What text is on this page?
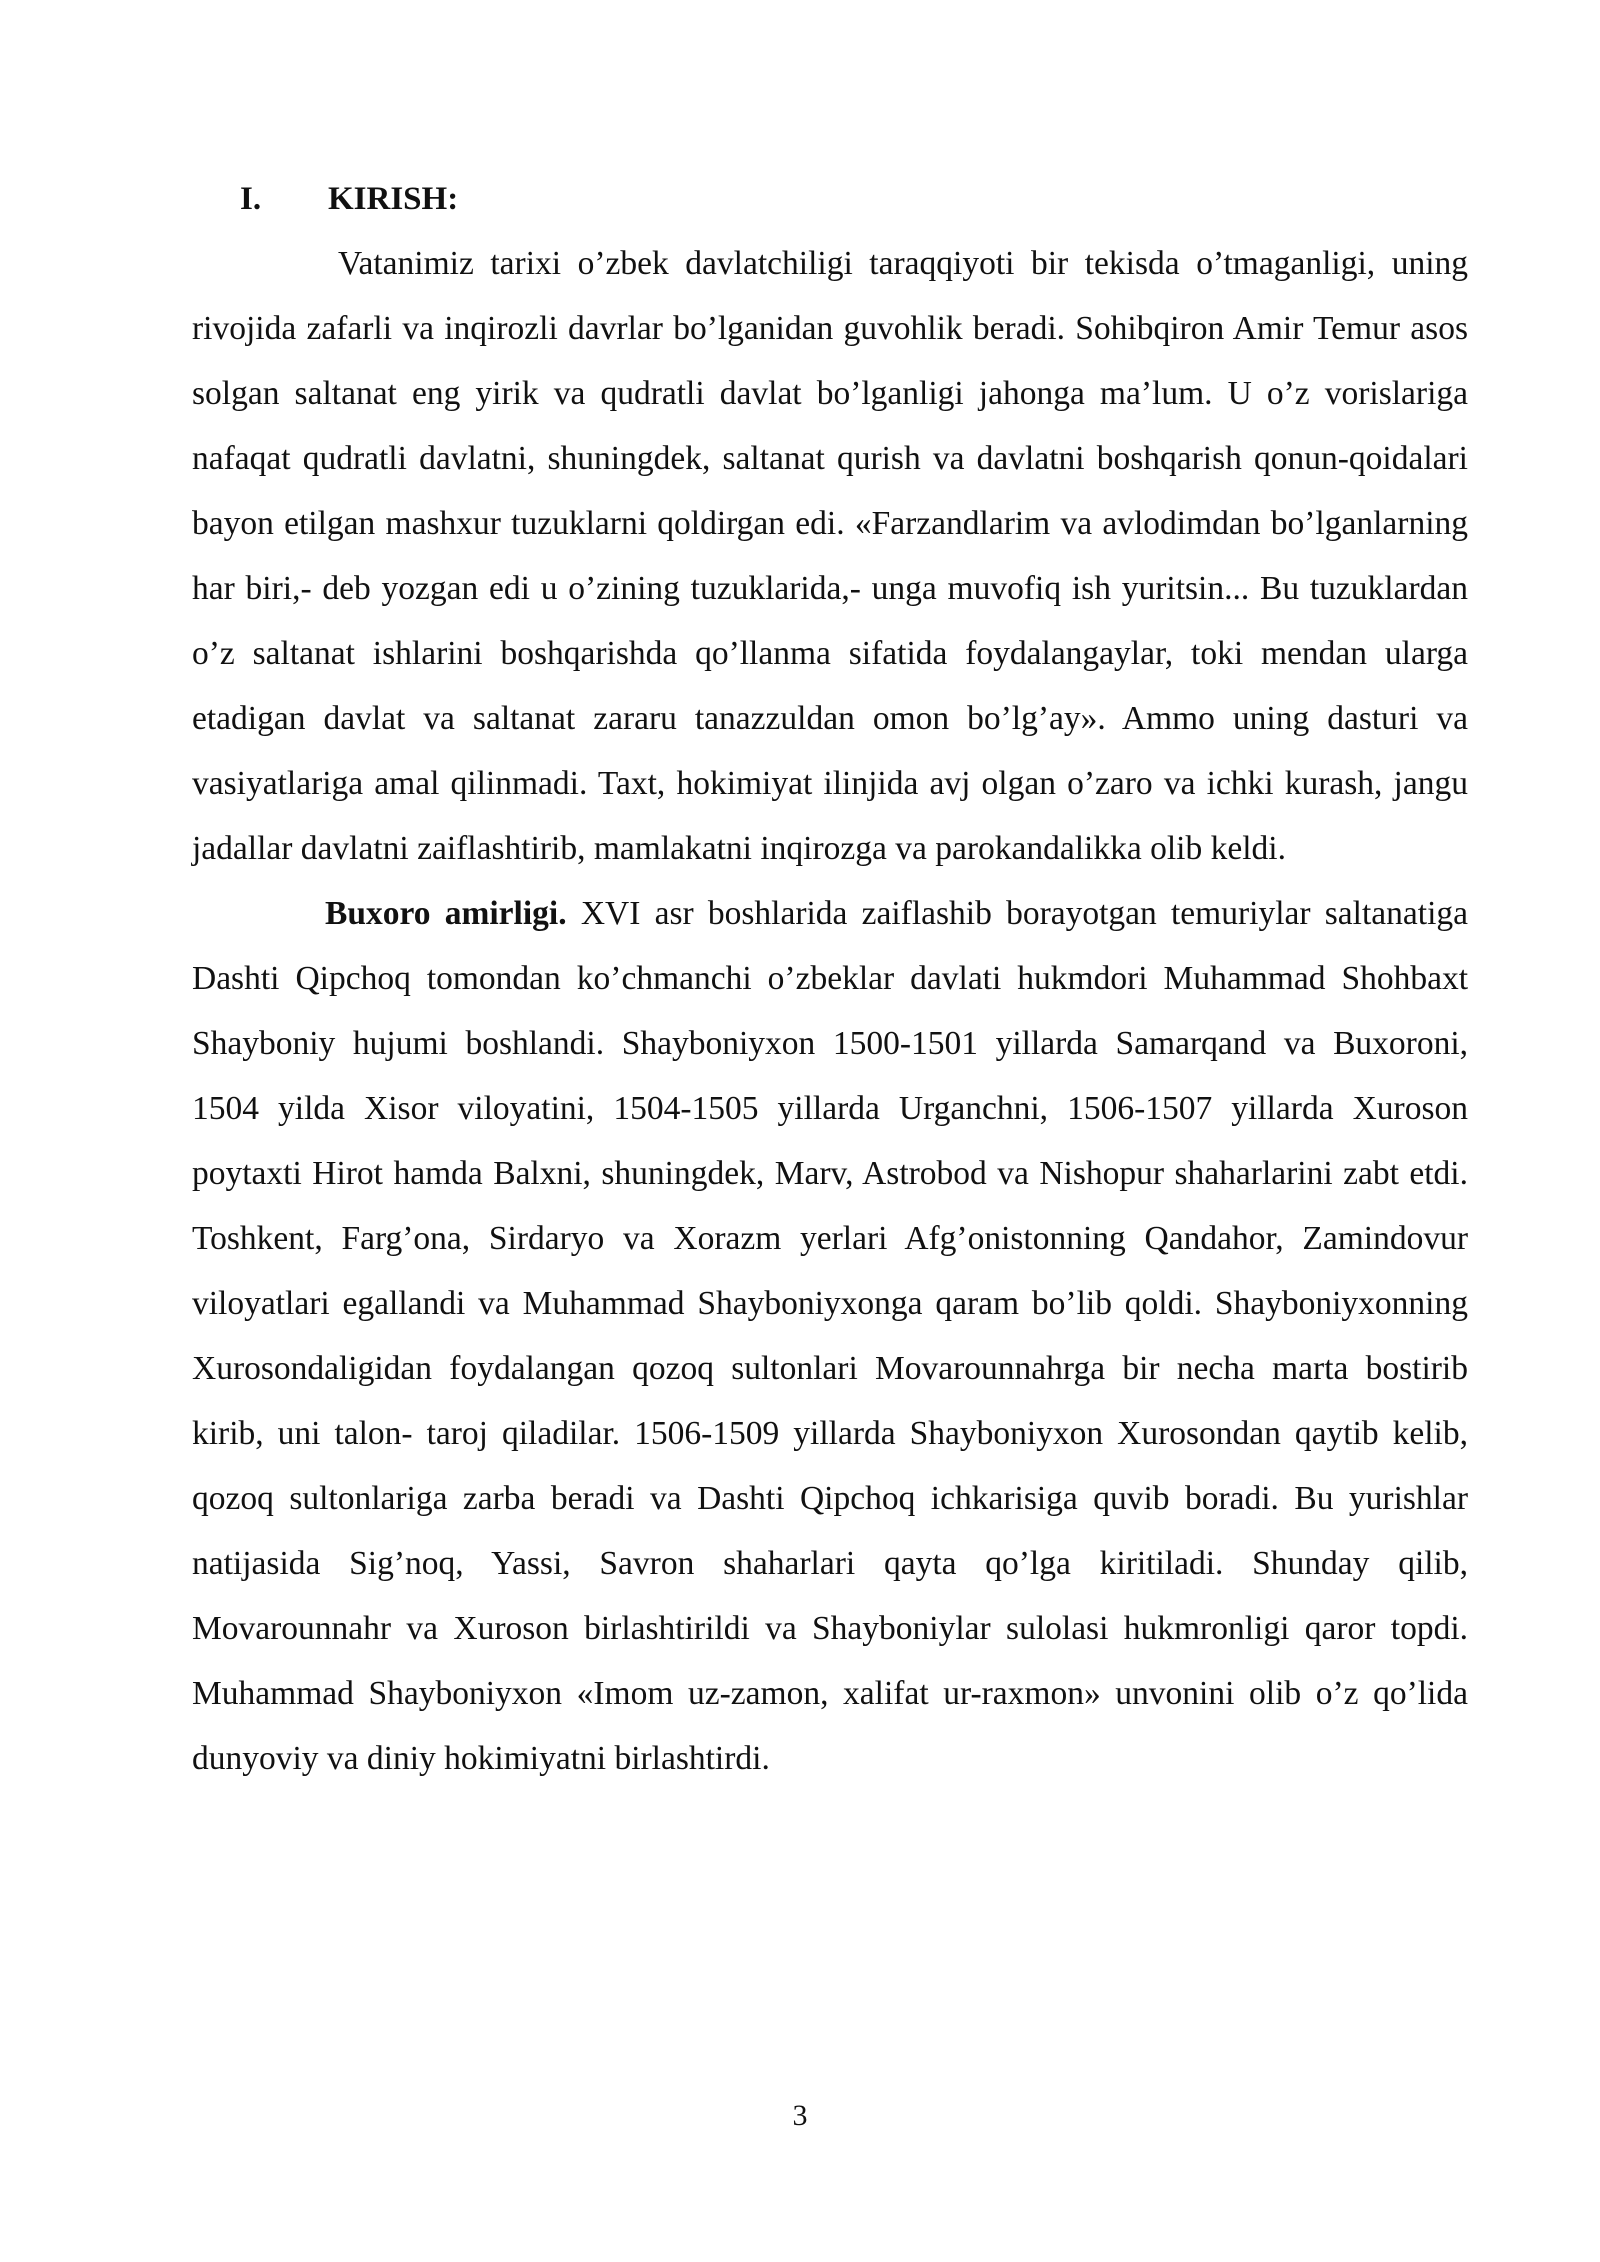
I.	KIRISH:

Vatanimiz tarixi o’zbek davlatchiligi taraqqiyoti bir tekisda o’tmaganligi, uning rivojida zafarli va inqirozli davrlar bo’lganidan guvohlik beradi. Sohibqiron Amir Temur asos solgan saltanat eng yirik va qudratli davlat bo’lganligi jahonga ma’lum. U o’z vorislariga nafaqat qudratli davlatni, shuningdek, saltanat qurish va davlatni boshqarish qonun-qoidalari bayon etilgan mashxur tuzuklarni qoldirgan edi. «Farzandlarim va avlodimdan bo’lganlarning har biri,- deb yozgan edi u o’zining tuzuklarida,- unga muvofiq ish yuritsin... Bu tuzuklardan o’z saltanat ishlarini boshqarishda qo’llanma sifatida foydalangaylar, toki mendan ularga etadigan davlat va saltanat zararu tanazzuldan omon bo’lg’ay». Ammo uning dasturi va vasiyatlariga amal qilinmadi. Taxt, hokimiyat ilinjida avj olgan o’zaro va ichki kurash, jangu jadallar davlatni zaiflashtirib, mamlakatni inqirozga va parokandalikka olib keldi.

Buxoro amirligi. XVI asr boshlarida zaiflashib borayotgan temuriylar saltanatiga Dashti Qipchoq tomondan ko’chmanchi o’zbeklar davlati hukmdori Muhammad Shohbaxt Shayboniy hujumi boshlandi. Shayboniyxon 1500-1501 yillarda Samarqand va Buxoroni, 1504 yilda Xisor viloyatini, 1504-1505 yillarda Urganchni, 1506-1507 yillarda Xuroson poytaxti Hirot hamda Balxni, shuningdek, Marv, Astrobod va Nishopur shaharlarini zabt etdi. Toshkent, Farg’ona, Sirdaryo va Xorazm yerlari Afg’onistonning Qandahor, Zamindovur viloyatlari egallandi va Muhammad Shayboniyxonga qaram bo’lib qoldi. Shayboniyxonning Xurosondaligidan foydalangan qozoq sultonlari Movarounnahrga bir necha marta bostirib kirib, uni talon- taroj qiladilar. 1506-1509 yillarda Shayboniyxon Xurosondan qaytib kelib, qozoq sultonlariga zarba beradi va Dashti Qipchoq ichkarisiga quvib boradi. Bu yurishlar natijasida Sig’noq, Yassi, Savron shaharlari qayta qo’lga kiritiladi. Shunday qilib, Movarounnahr va Xuroson birlashtirildi va Shayboniylar sulolasi hukmronligi qaror topdi. Muhammad Shayboniyxon «Imom uz-zamon, xalifat ur-raxmon» unvonini olib o’z qo’lida dunyoviy va diniy hokimiyatni birlashtirdi.

3
